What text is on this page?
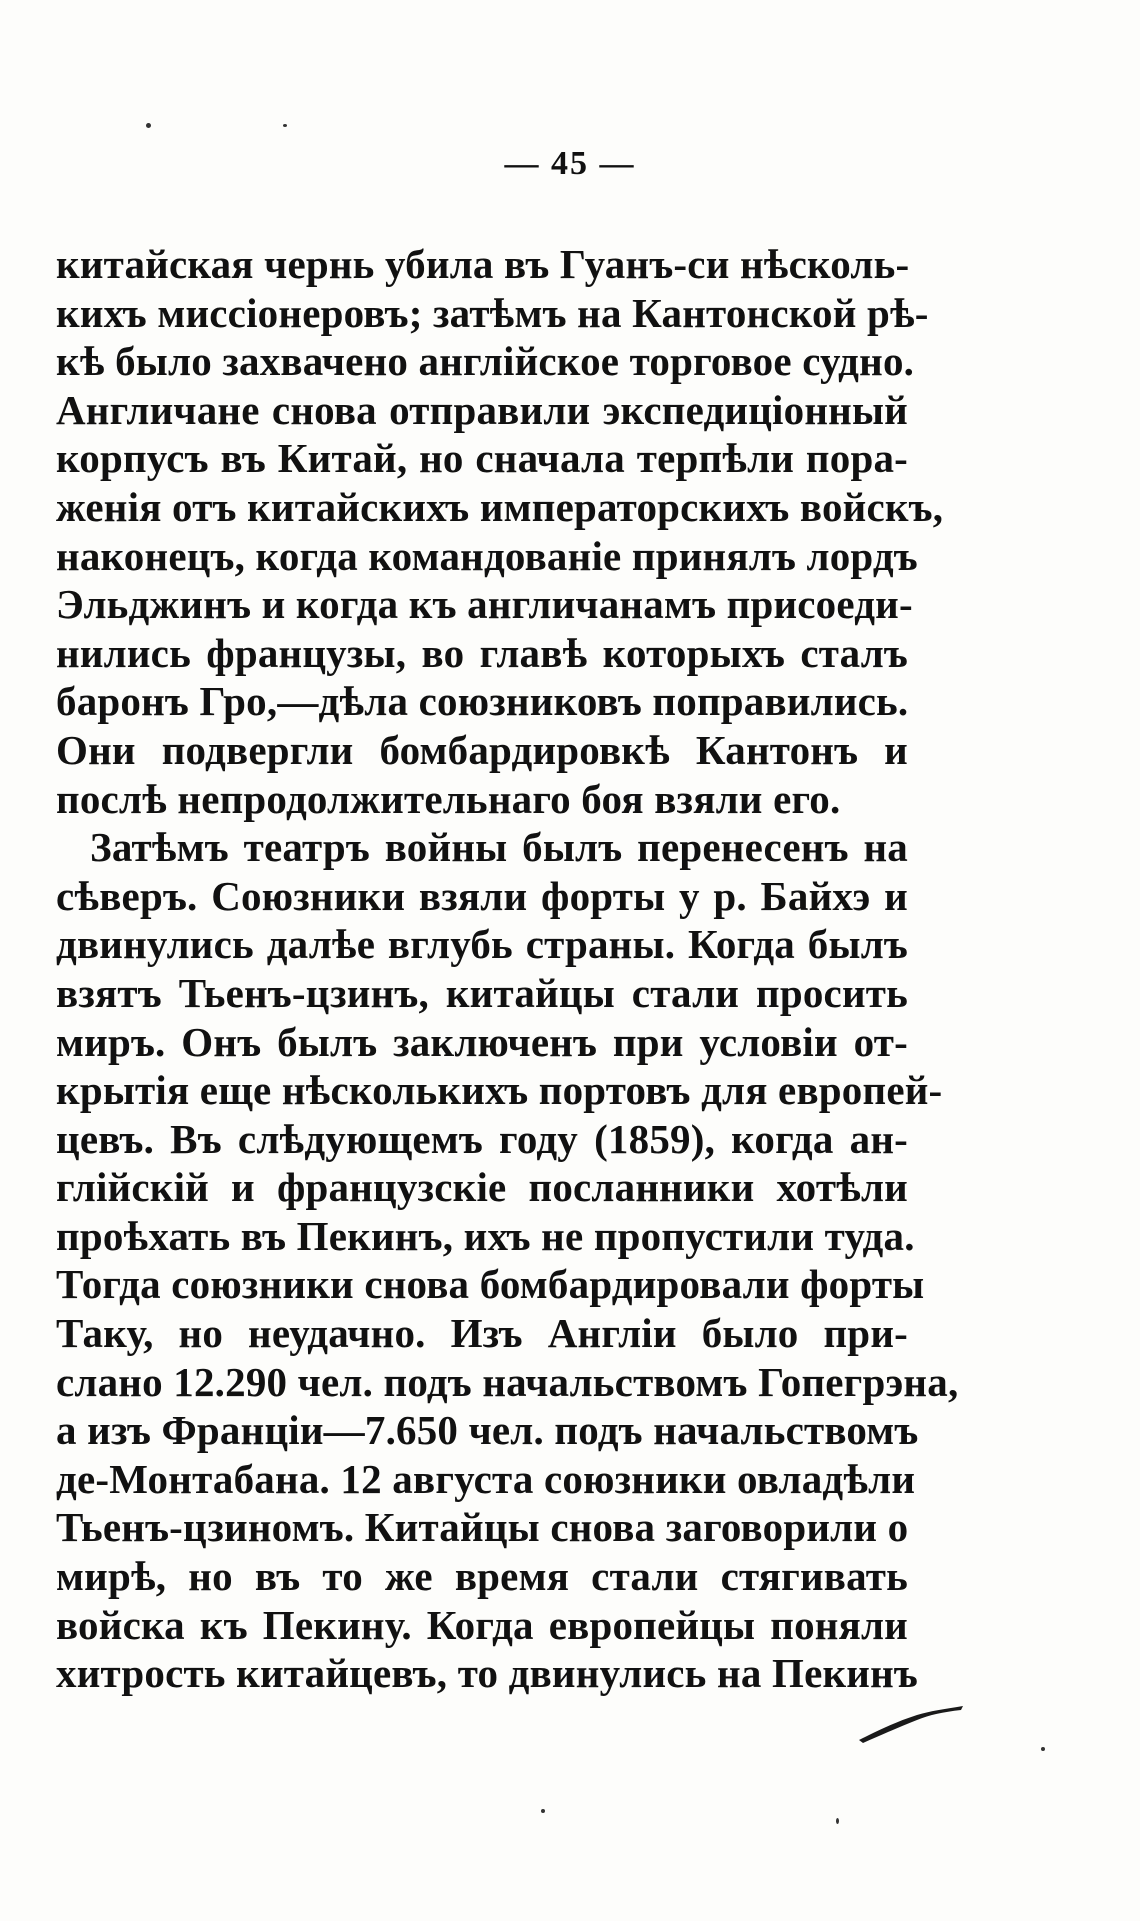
— 45 —
китайская чернь убила въ Гуанъ-си нѣсколь-
кихъ миссіонеровъ; затѣмъ на Кантонской рѣ-
кѣ было захвачено англійское торговое судно.
Англичане снова отправили экспедиціонный
корпусъ въ Китай, но сначала терпѣли пора-
женія отъ китайскихъ императорскихъ войскъ,
наконецъ, когда командованіе принялъ лордъ
Эльджинъ и когда къ англичанамъ присоеди-
нились французы, во главѣ которыхъ сталъ
баронъ Гро,—дѣла союзниковъ поправились.
Они подвергли бомбардировкѣ Кантонъ и
послѣ непродолжительнаго боя взяли его.
Затѣмъ театръ войны былъ перенесенъ на
сѣверъ. Союзники взяли форты у р. Байхэ и
двинулись далѣе вглубь страны. Когда былъ
взятъ Тьенъ-цзинъ, китайцы стали просить
миръ. Онъ былъ заключенъ при условіи от-
крытія еще нѣсколькихъ портовъ для европей-
цевъ. Въ слѣдующемъ году (1859), когда ан-
глійскій и французскіе посланники хотѣли
проѣхать въ Пекинъ, ихъ не пропустили туда.
Тогда союзники снова бомбардировали форты
Таку, но неудачно. Изъ Англіи было при-
слано 12.290 чел. подъ начальствомъ Гопегрэна,
а изъ Франціи—7.650 чел. подъ начальствомъ
де-Монтабана. 12 августа союзники овладѣли
Тьенъ-цзиномъ. Китайцы снова заговорили о
мирѣ, но въ то же время стали стягивать
войска къ Пекину. Когда европейцы поняли
хитрость китайцевъ, то двинулись на Пекинъ
